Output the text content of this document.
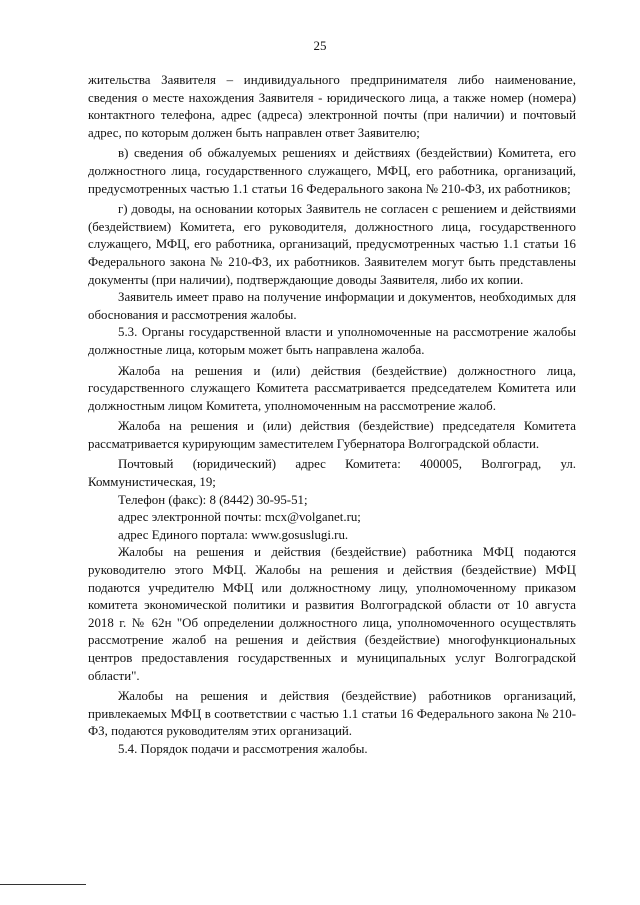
25

жительства Заявителя – индивидуального предпринимателя либо наименование, сведения о месте нахождения Заявителя - юридического лица, а также номер (номера) контактного телефона, адрес (адреса) электронной почты (при наличии) и почтовый адрес, по которым должен быть направлен ответ Заявителю;

в) сведения об обжалуемых решениях и действиях (бездействии) Комитета, его должностного лица, государственного служащего, МФЦ, его работника, организаций, предусмотренных частью 1.1 статьи 16 Федерального закона № 210-ФЗ, их работников;

г) доводы, на основании которых Заявитель не согласен с решением и действиями (бездействием) Комитета, его руководителя, должностного лица, государственного служащего, МФЦ, его работника, организаций, предусмотренных частью 1.1 статьи 16 Федерального закона № 210-ФЗ, их работников. Заявителем могут быть представлены документы (при наличии), подтверждающие доводы Заявителя, либо их копии.

Заявитель имеет право на получение информации и документов, необходимых для обоснования и рассмотрения жалобы.

5.3. Органы государственной власти и уполномоченные на рассмотрение жалобы должностные лица, которым может быть направлена жалоба.

Жалоба на решения и (или) действия (бездействие) должностного лица, государственного служащего Комитета рассматривается председателем Комитета или должностным лицом Комитета, уполномоченным на рассмотрение жалоб.

Жалоба на решения и (или) действия (бездействие) председателя Комитета рассматривается курирующим заместителем Губернатора Волгоградской области.

Почтовый (юридический) адрес Комитета: 400005, Волгоград, ул. Коммунистическая, 19;

Телефон (факс): 8 (8442) 30-95-51;

адрес электронной почты: mcx@volganet.ru;

адрес Единого портала: www.gosuslugi.ru.

Жалобы на решения и действия (бездействие) работника МФЦ подаются руководителю этого МФЦ. Жалобы на решения и действия (бездействие) МФЦ подаются учредителю МФЦ или должностному лицу, уполномоченному приказом комитета экономической политики и развития Волгоградской области от 10 августа 2018 г. № 62н "Об определении должностного лица, уполномоченного осуществлять рассмотрение жалоб на решения и действия (бездействие) многофункциональных центров предоставления государственных и муниципальных услуг Волгоградской области".

Жалобы на решения и действия (бездействие) работников организаций, привлекаемых МФЦ в соответствии с частью 1.1 статьи 16 Федерального закона № 210-ФЗ, подаются руководителям этих организаций.

5.4. Порядок подачи и рассмотрения жалобы.
